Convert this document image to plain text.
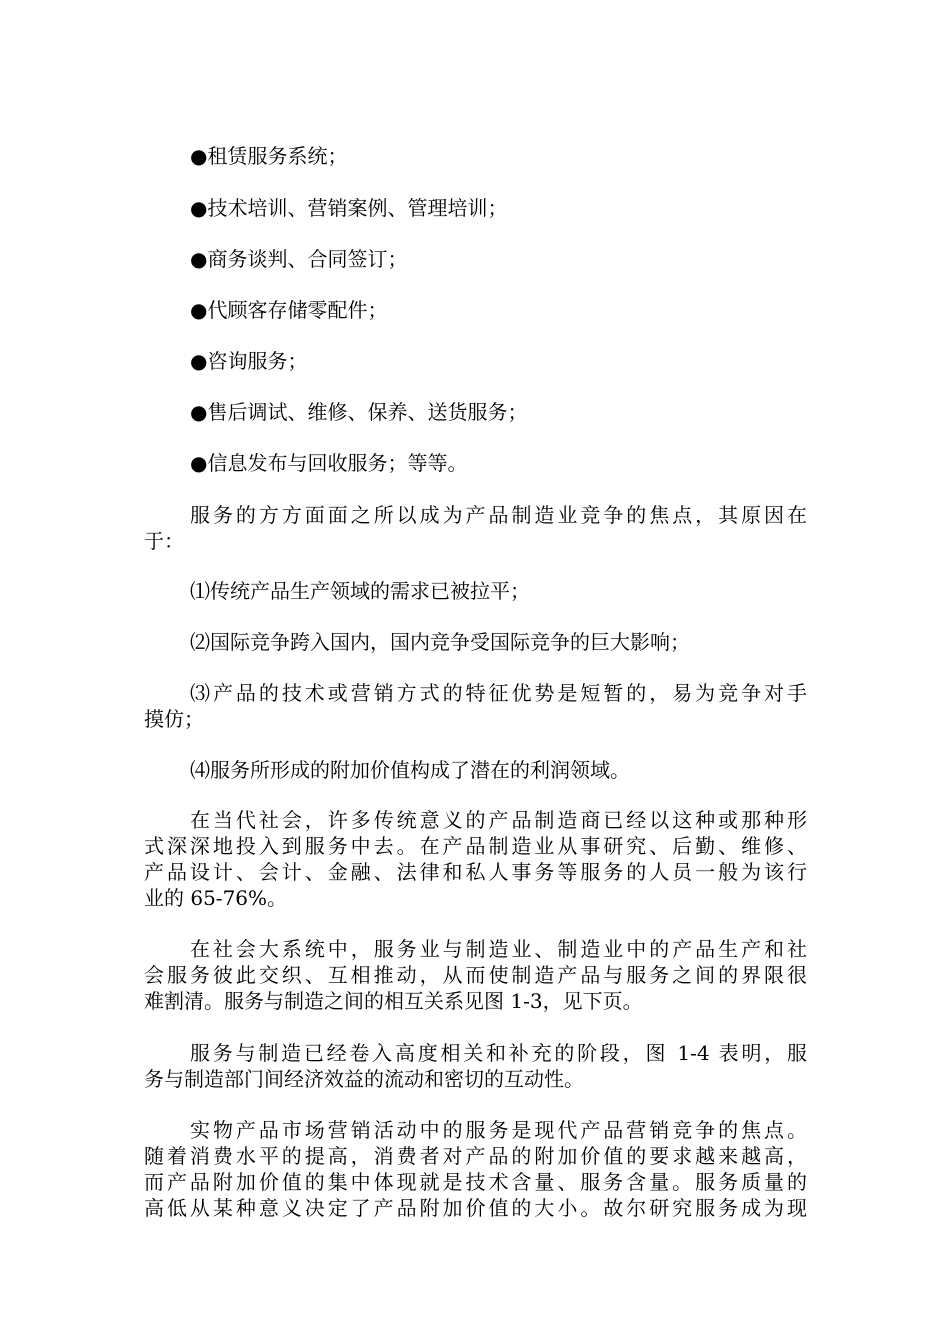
●租赁服务系统；

●技术培训、营销案例、管理培训；

●商务谈判、合同签订；

●代顾客存储零配件；

●咨询服务；

●售后调试、维修、保养、送货服务；

●信息发布与回收服务；等等。

服务的方方面面之所以成为产品制造业竞争的焦点，其原因在

于：

⑴传统产品生产领域的需求已被拉平；

⑵国际竞争跨入国内，国内竞争受国际竞争的巨大影响；

⑶产品的技术或营销方式的特征优势是短暂的，易为竞争对手

摸仿；

⑷服务所形成的附加价值构成了潜在的利润领域。

在当代社会，许多传统意义的产品制造商已经以这种或那种形

式深深地投入到服务中去。在产品制造业从事研究、后勤、维修、

产品设计、会计、金融、法律和私人事务等服务的人员一般为该行

业的 65-76%。

在社会大系统中，服务业与制造业、制造业中的产品生产和社

会服务彼此交织、互相推动，从而使制造产品与服务之间的界限很

难割清。服务与制造之间的相互关系见图 1-3，见下页。

服务与制造已经卷入高度相关和补充的阶段，图 1-4 表明，服

务与制造部门间经济效益的流动和密切的互动性。

实物产品市场营销活动中的服务是现代产品营销竞争的焦点。

随着消费水平的提高，消费者对产品的附加价值的要求越来越高，

而产品附加价值的集中体现就是技术含量、服务含量。服务质量的

高低从某种意义决定了产品附加价值的大小。故尔研究服务成为现
